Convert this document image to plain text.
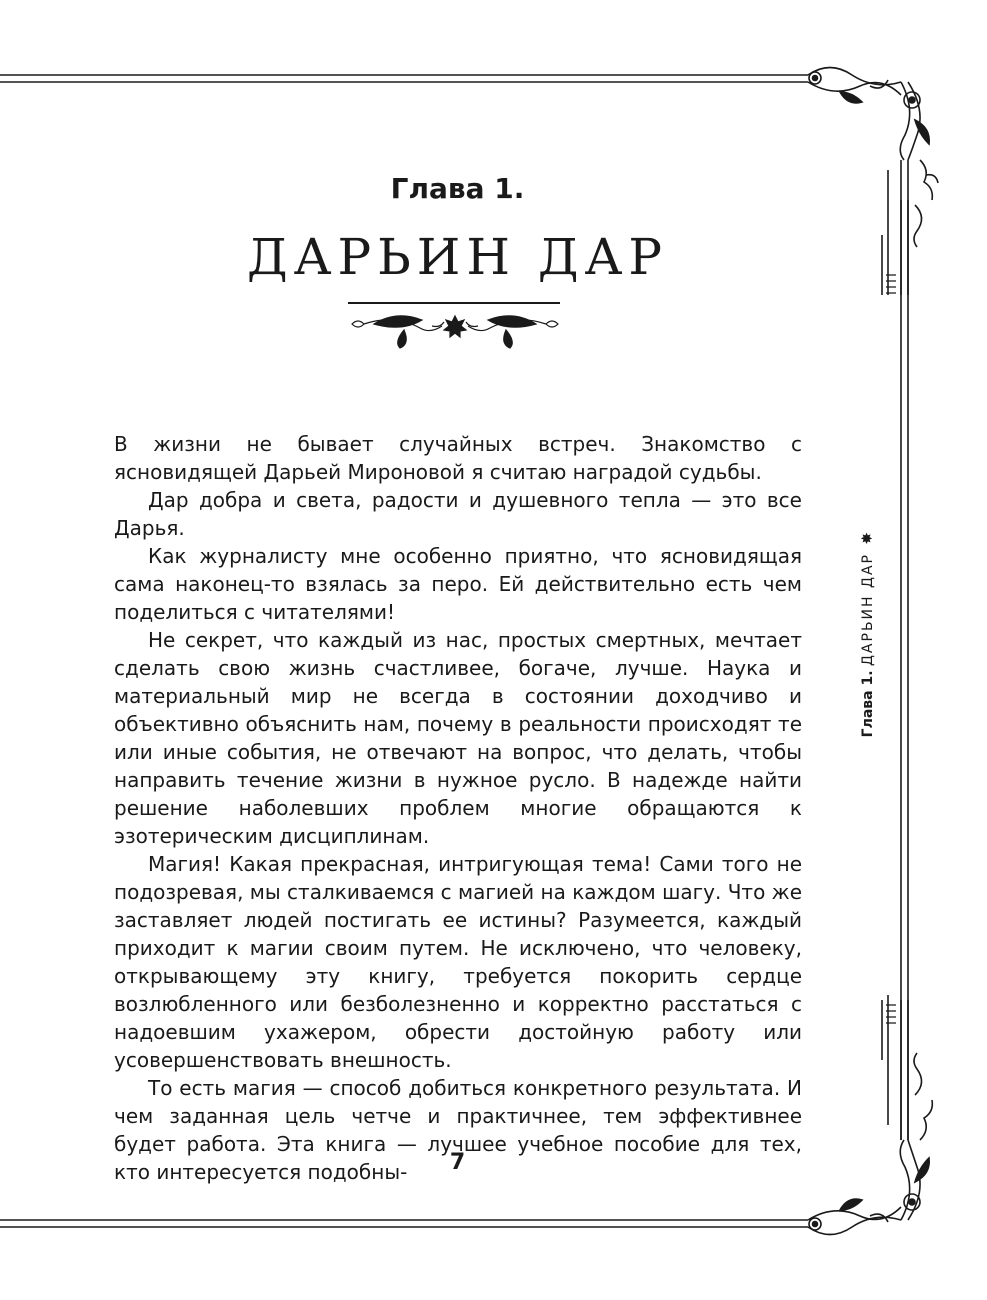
Глава 1.
ДАРЬИН ДАР

В жизни не бывает случайных встреч. Знакомство с ясновидящей Дарьей Мироновой я считаю наградой судьбы.

Дар добра и света, радости и душевного тепла — это все Дарья.

Как журналисту мне особенно приятно, что ясновидящая сама наконец-то взялась за перо. Ей действительно есть чем поделиться с читателями!

Не секрет, что каждый из нас, простых смертных, мечтает сделать свою жизнь счастливее, богаче, лучше. Наука и материальный мир не всегда в состоянии доходчиво и объективно объяснить нам, почему в реальности происходят те или иные события, не отвечают на вопрос, что делать, чтобы направить течение жизни в нужное русло. В надежде найти решение наболевших проблем многие обращаются к эзотерическим дисциплинам.

Магия! Какая прекрасная, интригующая тема! Сами того не подозревая, мы сталкиваемся с магией на каждом шагу. Что же заставляет людей постигать ее истины? Разумеется, каждый приходит к магии своим путем. Не исключено, что человеку, открывающему эту книгу, требуется покорить сердце возлюбленного или безболезненно и корректно расстаться с надоевшим ухажером, обрести достойную работу или усовершенствовать внешность.

То есть магия — способ добиться конкретного результата. И чем заданная цель четче и практичнее, тем эффективнее будет работа. Эта книга — лучшее учебное пособие для тех, кто интересуется подобны-

Глава 1. ДАРЬИН ДАР ✸
7
